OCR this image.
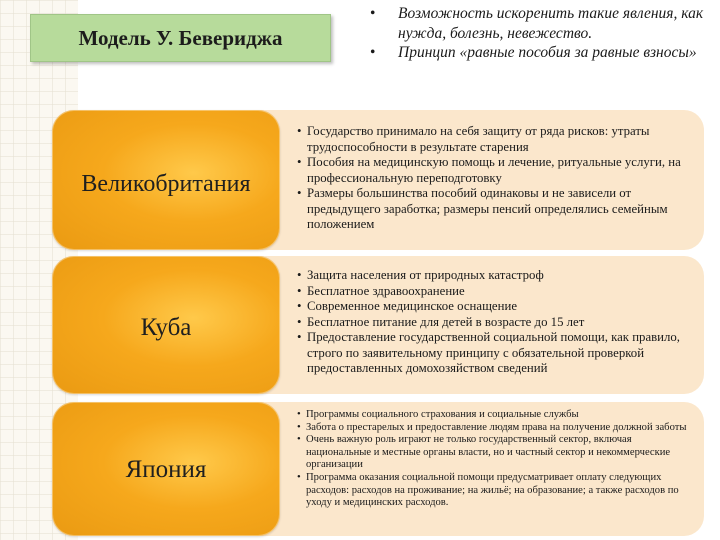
Модель У. Бевериджа
• Возможность искоренить такие явления, как нужда, болезнь, невежество.
• Принцип «равные пособия за равные взносы»
Великобритания
• Государство принимало на себя защиту от ряда рисков: утраты трудоспособности в результате старения
• Пособия на медицинскую помощь и лечение, ритуальные услуги, на профессиональную переподготовку
• Размеры большинства пособий одинаковы и не зависели от предыдущего заработка; размеры пенсий определялись семейным положением
Куба
• Защита населения от природных катастроф
• Бесплатное здравоохранение
• Современное медицинское оснащение
• Бесплатное питание для детей в возрасте до 15 лет
• Предоставление государственной социальной помощи, как правило, строго по заявительному принципу с обязательной проверкой предоставленных домохозяйством сведений
Япония
• Программы социального страхования и социальные службы
• Забота о престарелых и предоставление людям права на получение должной заботы
• Очень важную роль играют не только государственный сектор, включая национальные и местные органы власти, но и частный сектор и некоммерческие организации
• Программа оказания социальной помощи предусматривает оплату следующих расходов: расходов на проживание; на жильё; на образование; а также расходов по уходу и медицинских расходов.
